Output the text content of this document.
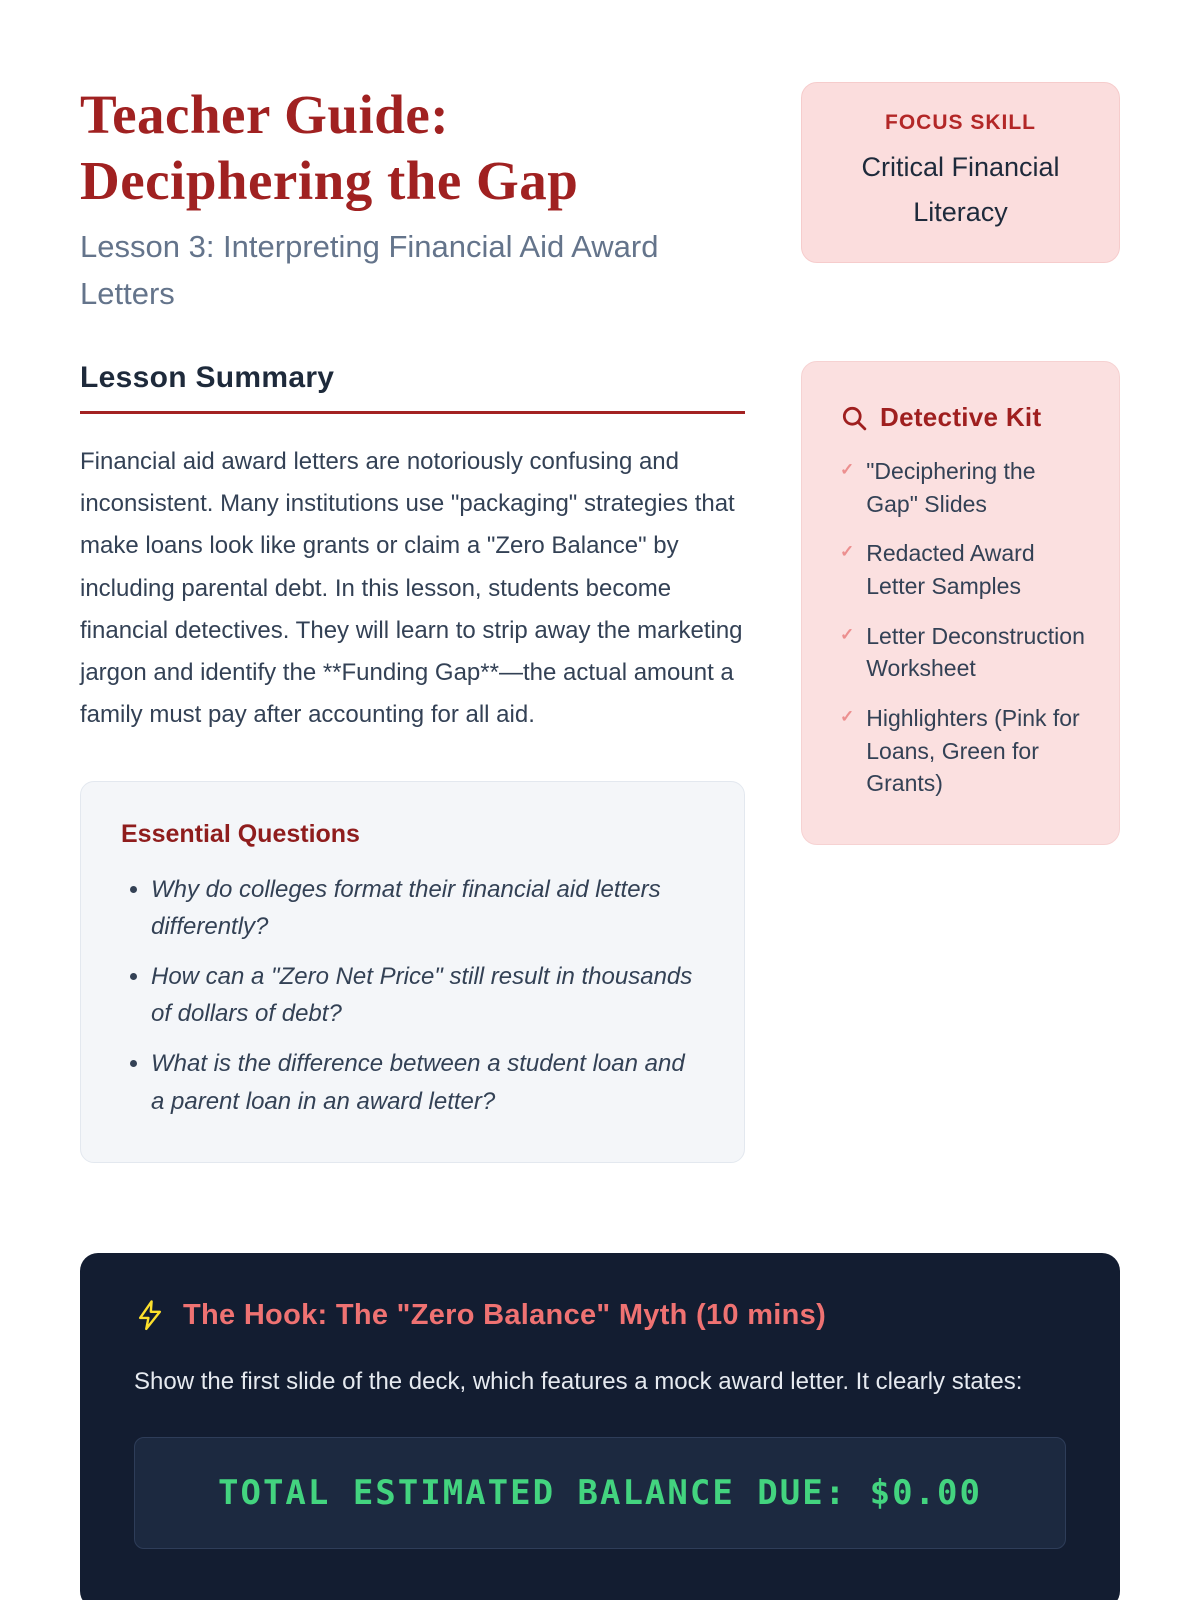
Teacher Guide: Deciphering the Gap
Lesson 3: Interpreting Financial Aid Award Letters
FOCUS SKILL
Critical Financial Literacy
Lesson Summary

Financial aid award letters are notoriously confusing and inconsistent. Many institutions use "packaging" strategies that make loans look like grants or claim a "Zero Balance" by including parental debt. In this lesson, students become financial detectives. They will learn to strip away the marketing jargon and identify the **Funding Gap**—the actual amount a family must pay after accounting for all aid.

Essential Questions
• Why do colleges format their financial aid letters differently?
• How can a "Zero Net Price" still result in thousands of dollars of debt?
• What is the difference between a student loan and a parent loan in an award letter?
Detective Kit
✓ "Deciphering the Gap" Slides
✓ Redacted Award Letter Samples
✓ Letter Deconstruction Worksheet
✓ Highlighters (Pink for Loans, Green for Grants)
The Hook: The "Zero Balance" Myth (10 mins)

Show the first slide of the deck, which features a mock award letter. It clearly states:

TOTAL ESTIMATED BALANCE DUE: $0.00
